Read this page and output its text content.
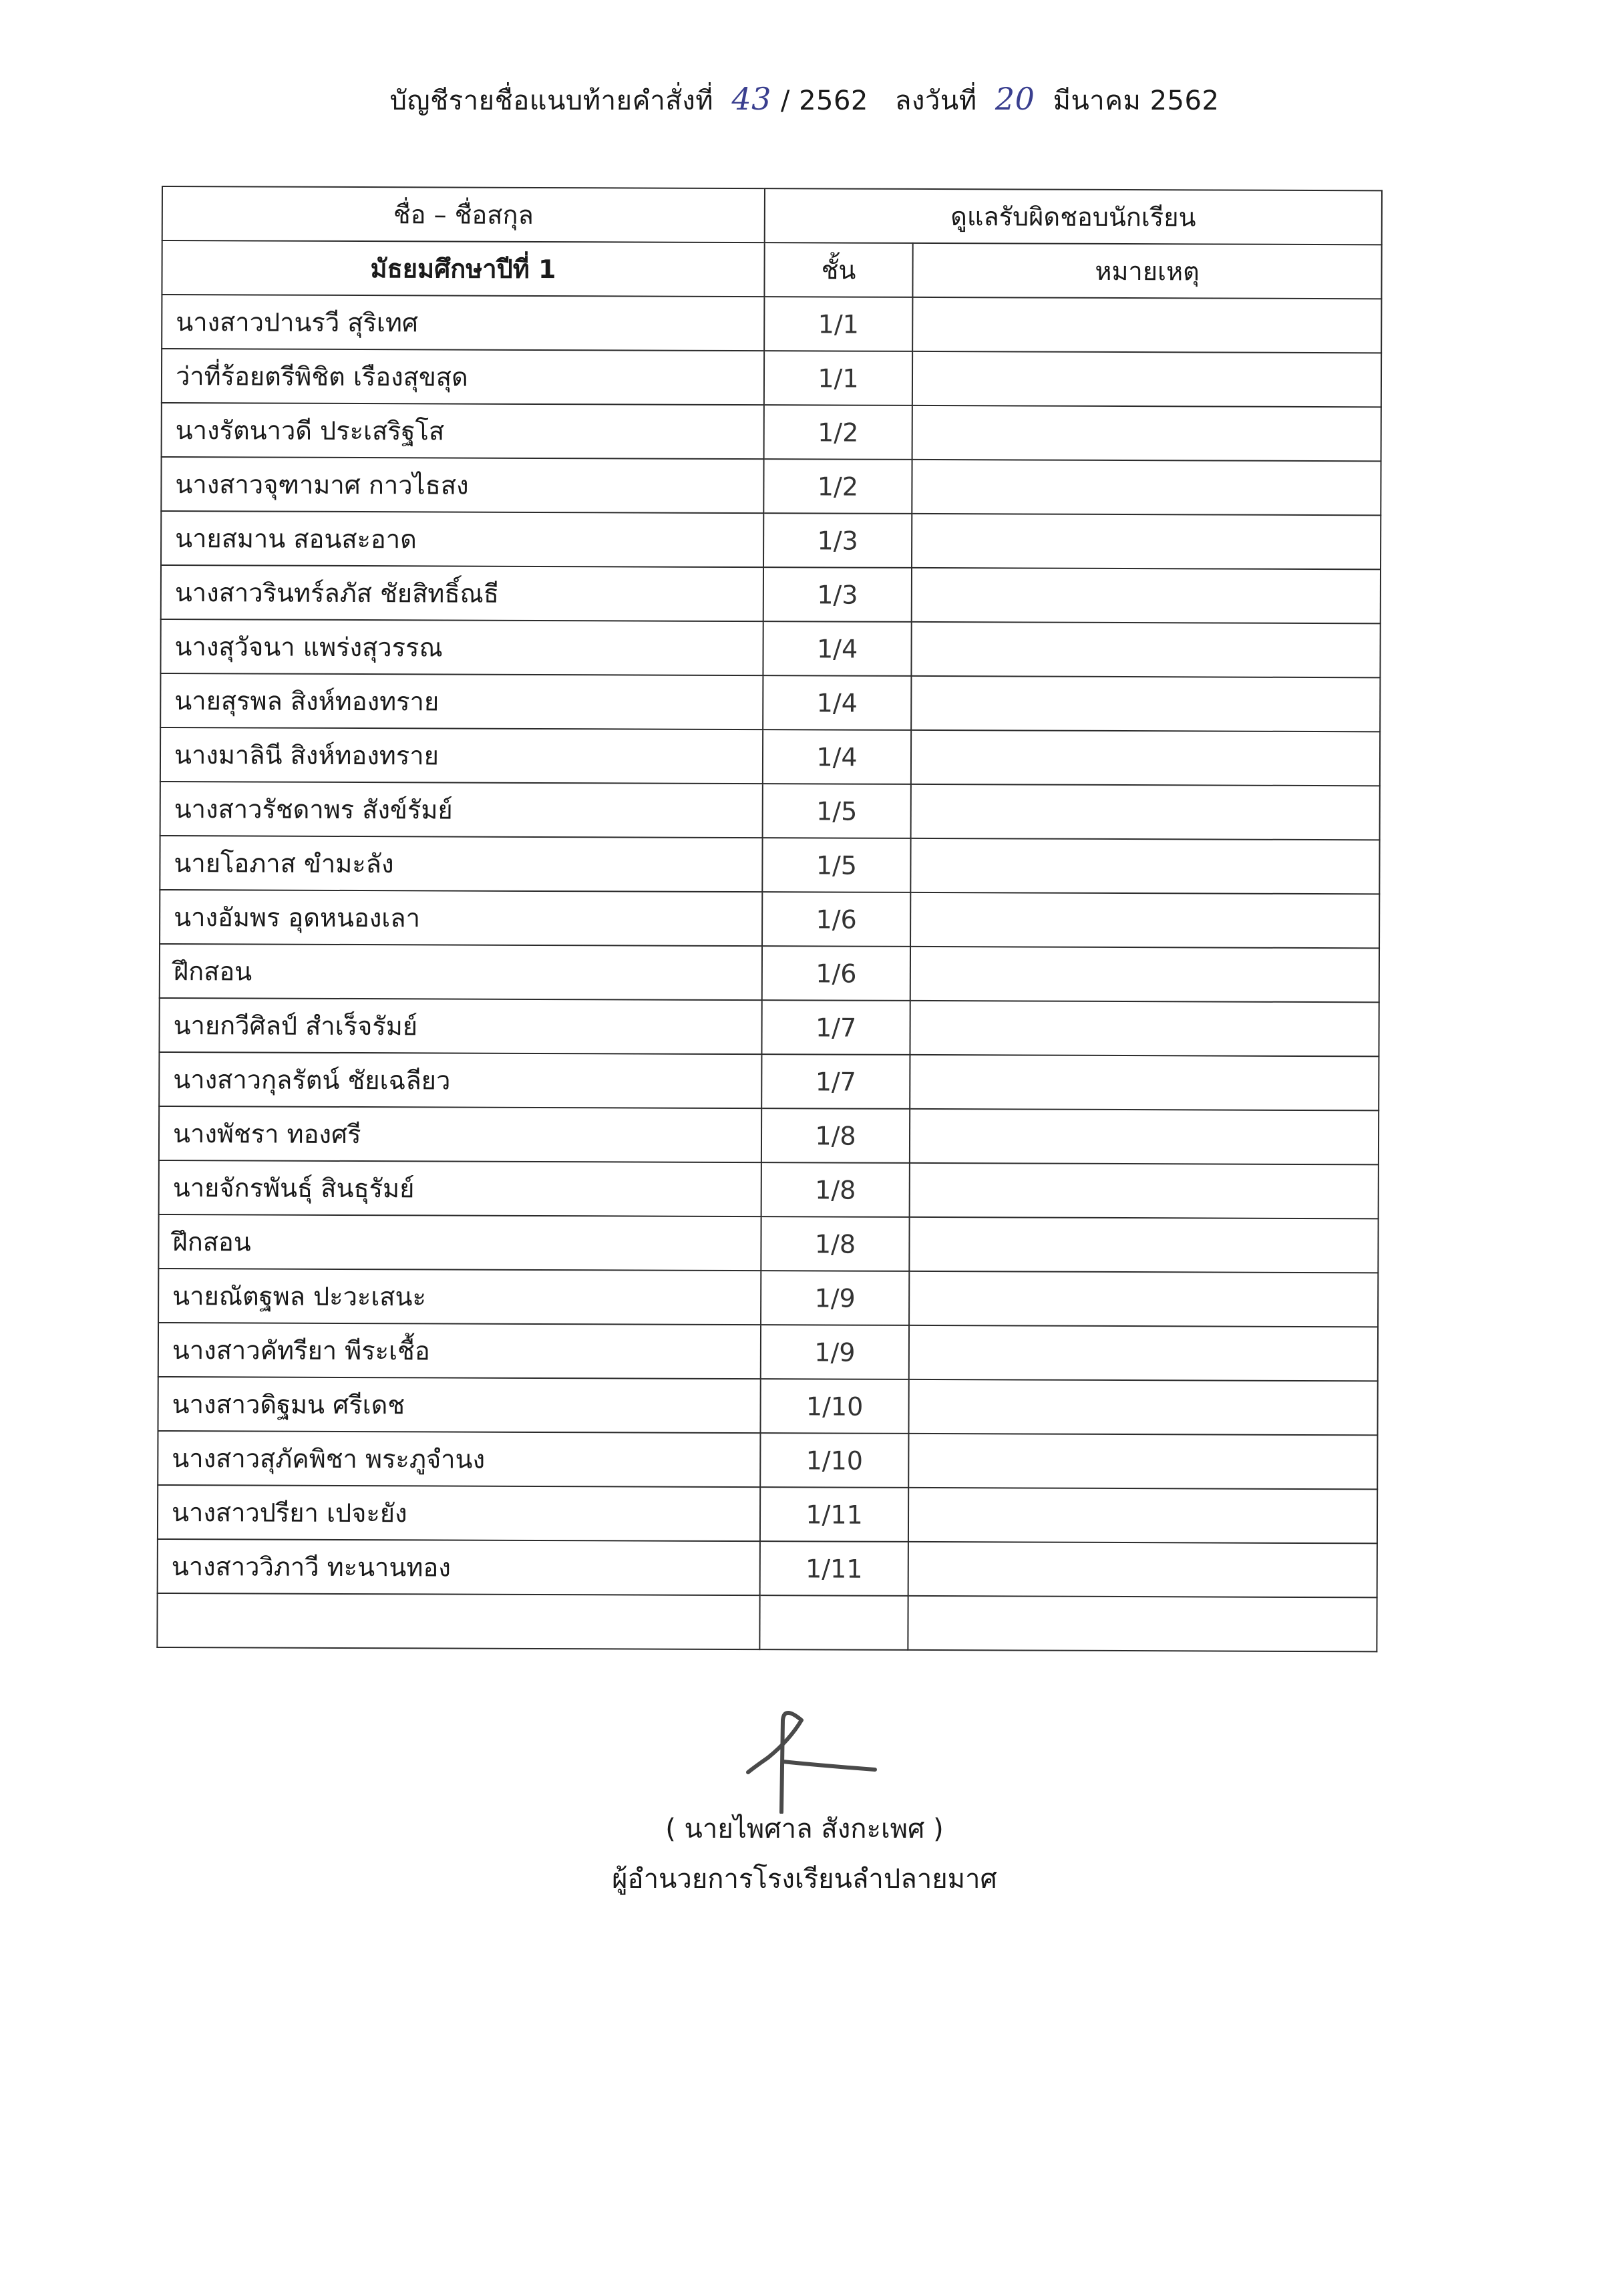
บัญชีรายชื่อแนบท้ายคำสั่งที่ 43 / 2562 ลงวันที่ 20 มีนาคม 2562
ชื่อ – ชื่อสกุล	ดูแลรับผิดชอบนักเรียน	
มัธยมศึกษาปีที่ 1	ชั้น	หมายเหตุ
นางสาวปานรวี สุริเทศ	1/1	
ว่าที่ร้อยตรีพิชิต เรืองสุขสุด	1/1	
นางรัตนาวดี ประเสริฐโส	1/2	
นางสาวจุฑามาศ กาวไธสง	1/2	
นายสมาน สอนสะอาด	1/3	
นางสาวรินทร์ลภัส ชัยสิทธิ์ณธี	1/3	
นางสุวัจนา แพร่งสุวรรณ	1/4	
นายสุรพล สิงห์ทองทราย	1/4	
นางมาลินี สิงห์ทองทราย	1/4	
นางสาวรัชดาพร สังข์รัมย์	1/5	
นายโอภาส ขำมะลัง	1/5	
นางอัมพร อุดหนองเลา	1/6	
ฝึกสอน	1/6	
นายกวีศิลป์ สำเร็จรัมย์	1/7	
นางสาวกุลรัตน์ ชัยเฉลียว	1/7	
นางพัชรา ทองศรี	1/8	
นายจักรพันธุ์ สินธุรัมย์	1/8	
ฝึกสอน	1/8	
นายณัตฐพล ปะวะเสนะ	1/9	
นางสาวคัทรียา พีระเชื้อ	1/9	
นางสาวดิฐมน ศรีเดช	1/10	
นางสาวสุภัคพิชา พระภูจำนง	1/10	
นางสาวปรียา เปจะยัง	1/11	
นางสาววิภาวี ทะนานทอง	1/11	

( นายไพศาล สังกะเพศ )
ผู้อำนวยการโรงเรียนลำปลายมาศ
